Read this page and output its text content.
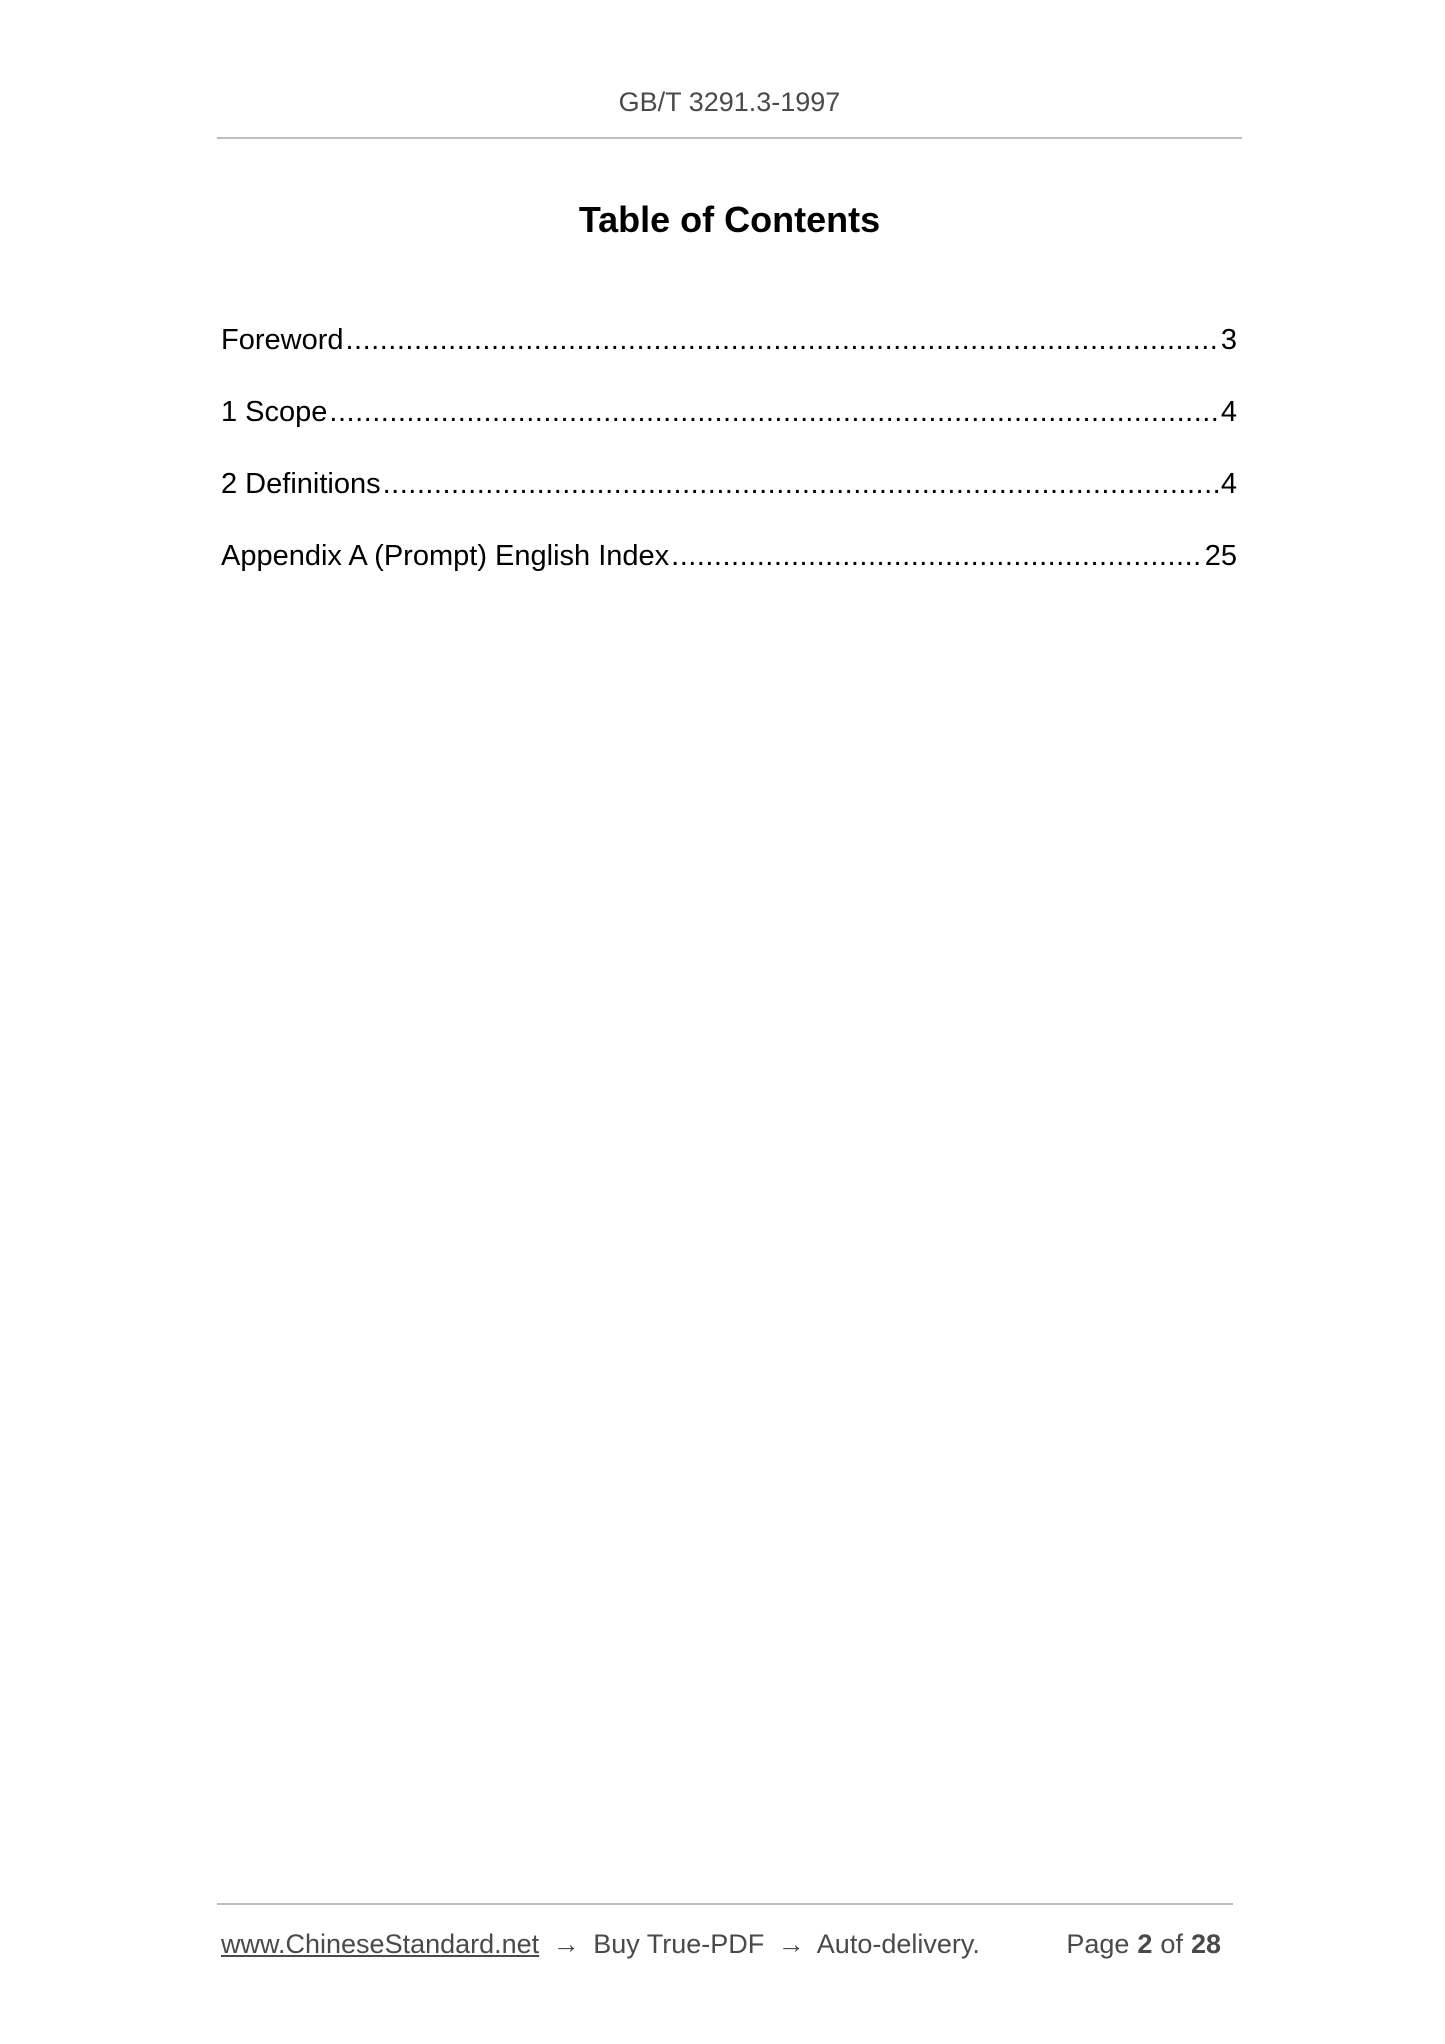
GB/T 3291.3-1997
Table of Contents
Foreword .....	3
1 Scope .....	4
2 Definitions .....	4
Appendix A (Prompt) English Index .....	25
www.ChineseStandard.net → Buy True-PDF → Auto-delivery.	Page 2 of 28
